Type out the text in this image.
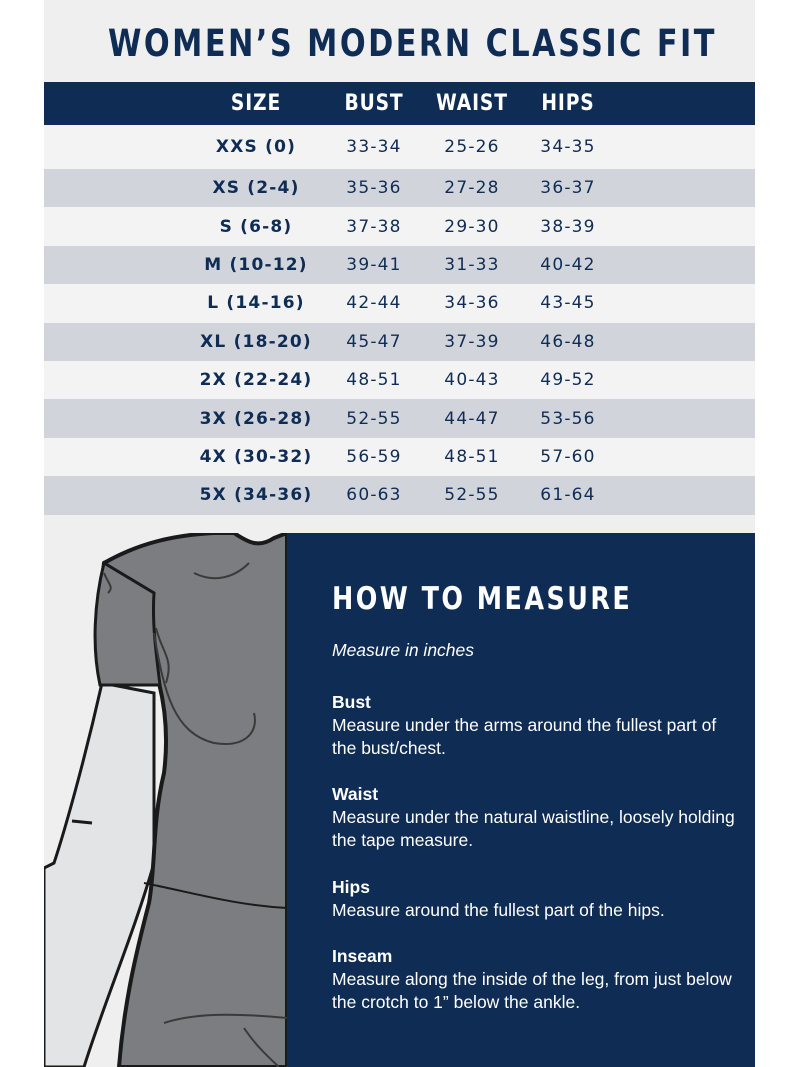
WOMEN’S MODERN CLASSIC FIT
SIZE	BUST	WAIST	HIPS
XXS (0)	33-34	25-26	34-35
XS (2-4)	35-36	27-28	36-37
S (6-8)	37-38	29-30	38-39
M (10-12)	39-41	31-33	40-42
L (14-16)	42-44	34-36	43-45
XL (18-20)	45-47	37-39	46-48
2X (22-24)	48-51	40-43	49-52
3X (26-28)	52-55	44-47	53-56
4X (30-32)	56-59	48-51	57-60
5X (34-36)	60-63	52-55	61-64
HOW TO MEASURE
Measure in inches
Bust
Measure under the arms around the fullest part of the bust/chest.
Waist
Measure under the natural waistline, loosely holding the tape measure.
Hips
Measure around the fullest part of the hips.
Inseam
Measure along the inside of the leg, from just below the crotch to 1” below the ankle.
